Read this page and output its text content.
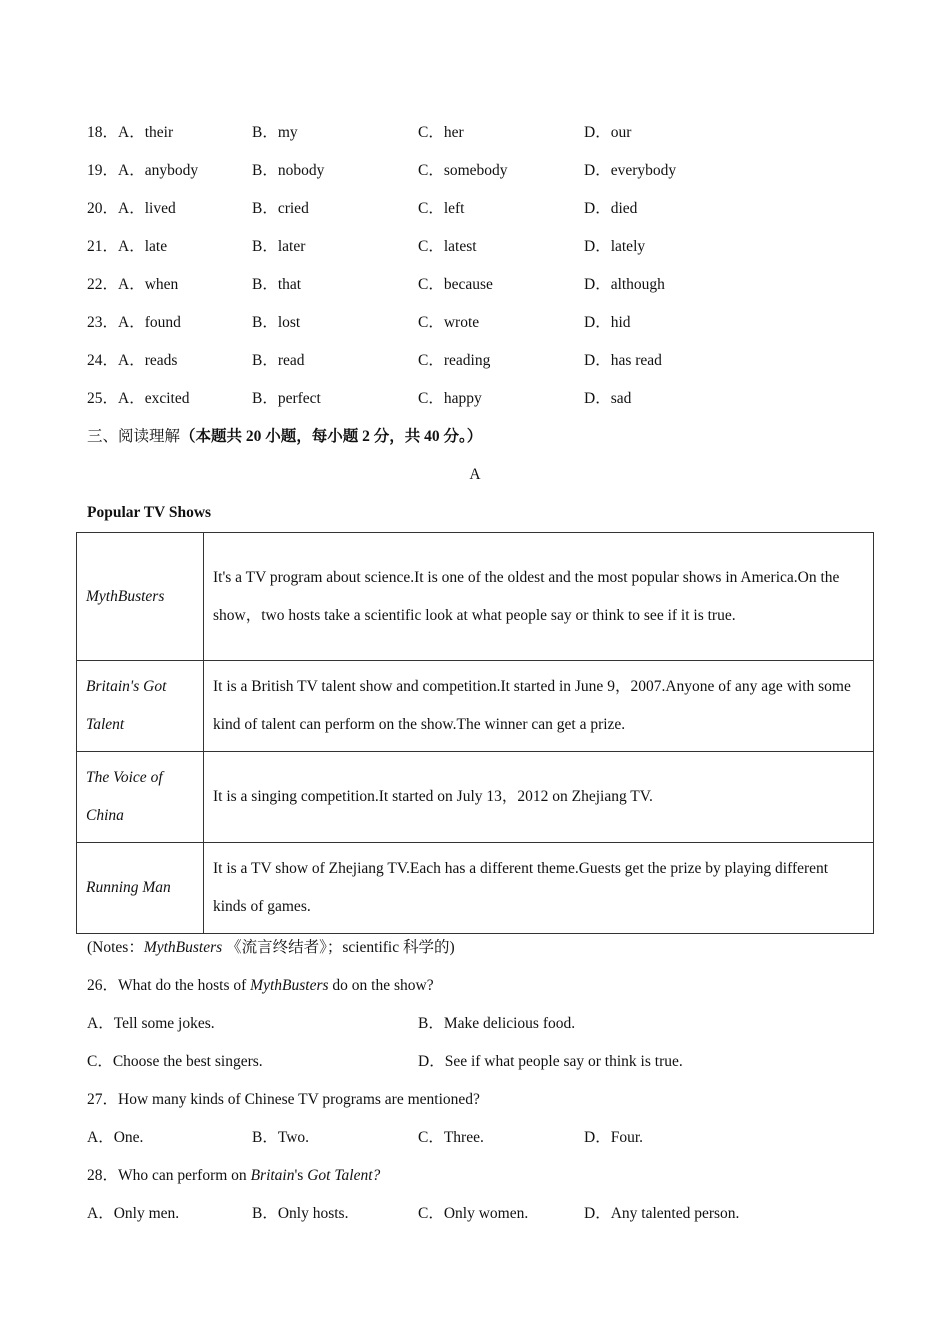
18．A．their	B．my	C．her	D．our
19．A．anybody	B．nobody	C．somebody	D．everybody
20．A．lived	B．cried	C．left	D．died
21．A．late	B．later	C．latest	D．lately
22．A．when	B．that	C．because	D．although
23．A．found	B．lost	C．wrote	D．hid
24．A．reads	B．read	C．reading	D．has read
25．A．excited	B．perfect	C．happy	D．sad
三、阅读理解（本题共 20 小题，每小题 2 分，共 40 分。）
A
Popular TV Shows
MythBusters	It's a TV program about science.It is one of the oldest and the most popular shows in America.On the show，two hosts take a scientific look at what people say or think to see if it is true.
Britain's Got Talent	It is a British TV talent show and competition.It started in June 9，2007.Anyone of any age with some kind of talent can perform on the show.The winner can get a prize.
The Voice of China	It is a singing competition.It started on July 13，2012 on Zhejiang TV.
Running Man	It is a TV show of Zhejiang TV.Each has a different theme.Guests get the prize by playing different kinds of games.
(Notes：MythBusters 《流言终结者》；scientific 科学的)
26．What do the hosts of MythBusters do on the show?
A．Tell some jokes.	B．Make delicious food.
C．Choose the best singers.	D．See if what people say or think is true.
27．How many kinds of Chinese TV programs are mentioned?
A．One.	B．Two.	C．Three.	D．Four.
28．Who can perform on Britain's Got Talent?
A．Only men.	B．Only hosts.	C．Only women.	D．Any talented person.
